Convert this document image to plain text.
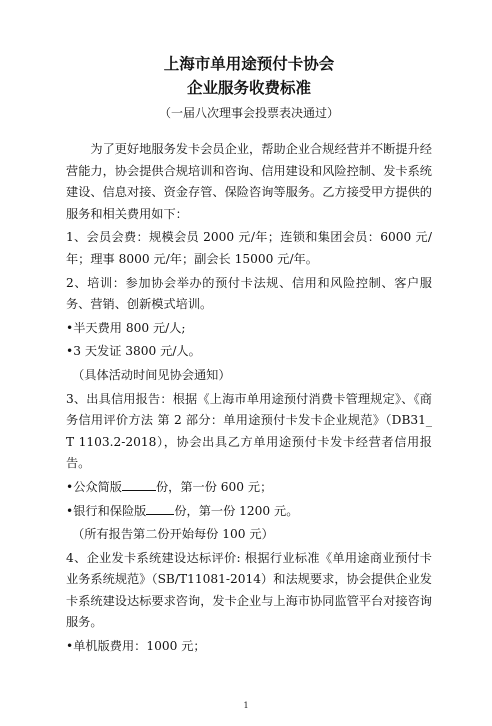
上海市单用途预付卡协会
企业服务收费标准
（一届八次理事会投票表决通过）

为了更好地服务发卡会员企业，帮助企业合规经营并不断提升经营能力，协会提供合规培训和咨询、信用建设和风险控制、发卡系统建设、信息对接、资金存管、保险咨询等服务。乙方接受甲方提供的服务和相关费用如下：

1、会员会费：规模会员 2000 元/年；连锁和集团会员：6000 元/年；理事 8000 元/年；副会长 15000 元/年。

2、培训：参加协会举办的预付卡法规、信用和风险控制、客户服务、营销、创新模式培训。

•半天费用 800 元/人;

•3 天发证 3800 元/人。

（具体活动时间见协会通知）

3、出具信用报告：根据《上海市单用途预付消费卡管理规定》、《商务信用评价方法 第 2 部分：单用途预付卡发卡企业规范》（DB31_T 1103.2-2018），协会出具乙方单用途预付卡发卡经营者信用报告。

•公众简版	份，第一份 600 元；

•银行和保险版 份，第一份 1200 元。

（所有报告第二份开始每份 100 元）

4、企业发卡系统建设达标评价: 根据行业标准《单用途商业预付卡业务系统规范》（SB/T11081-2014）和法规要求，协会提供企业发卡系统建设达标要求咨询，发卡企业与上海市协同监管平台对接咨询服务。

•单机版费用：1000 元；

1
